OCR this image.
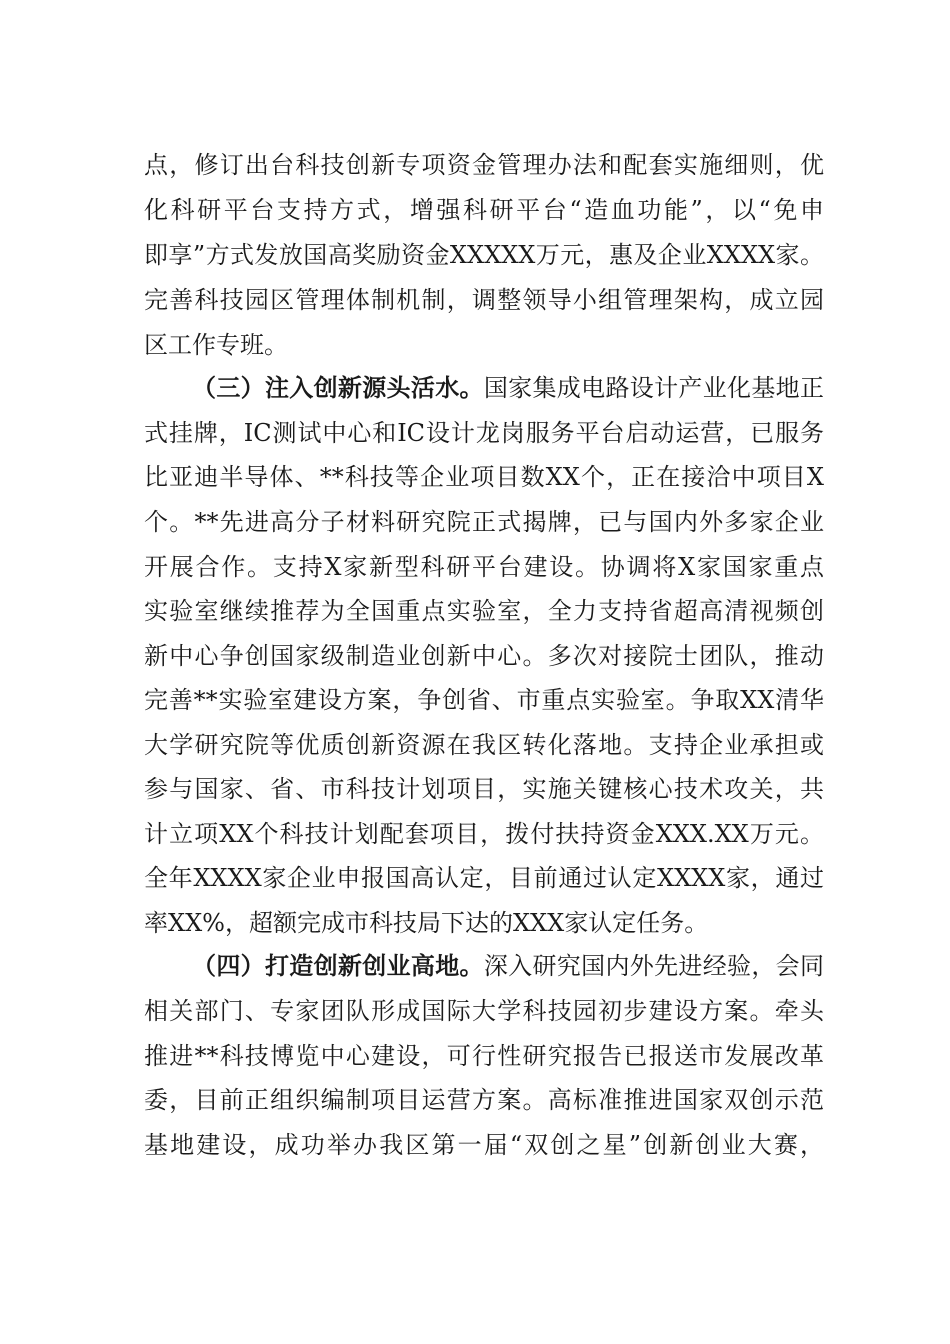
点，修订出台科技创新专项资金管理办法和配套实施细则，优
化科研平台支持方式，增强科研平台“造血功能”，以“免申
即享”方式发放国高奖励资金XXXXX万元，惠及企业XXXX家。
完善科技园区管理体制机制，调整领导小组管理架构，成立园
区工作专班。
（三）注入创新源头活水。国家集成电路设计产业化基地正
式挂牌，IC测试中心和IC设计龙岗服务平台启动运营，已服务
比亚迪半导体、**科技等企业项目数XX个，正在接洽中项目X
个。**先进高分子材料研究院正式揭牌，已与国内外多家企业
开展合作。支持X家新型科研平台建设。协调将X家国家重点
实验室继续推荐为全国重点实验室，全力支持省超高清视频创
新中心争创国家级制造业创新中心。多次对接院士团队，推动
完善**实验室建设方案，争创省、市重点实验室。争取XX清华
大学研究院等优质创新资源在我区转化落地。支持企业承担或
参与国家、省、市科技计划项目，实施关键核心技术攻关，共
计立项XX个科技计划配套项目，拨付扶持资金XXX.XX万元。
全年XXXX家企业申报国高认定，目前通过认定XXXX家，通过
率XX%，超额完成市科技局下达的XXX家认定任务。
（四）打造创新创业高地。深入研究国内外先进经验，会同
相关部门、专家团队形成国际大学科技园初步建设方案。牵头
推进**科技博览中心建设，可行性研究报告已报送市发展改革
委，目前正组织编制项目运营方案。高标准推进国家双创示范
基地建设，成功举办我区第一届“双创之星”创新创业大赛，
